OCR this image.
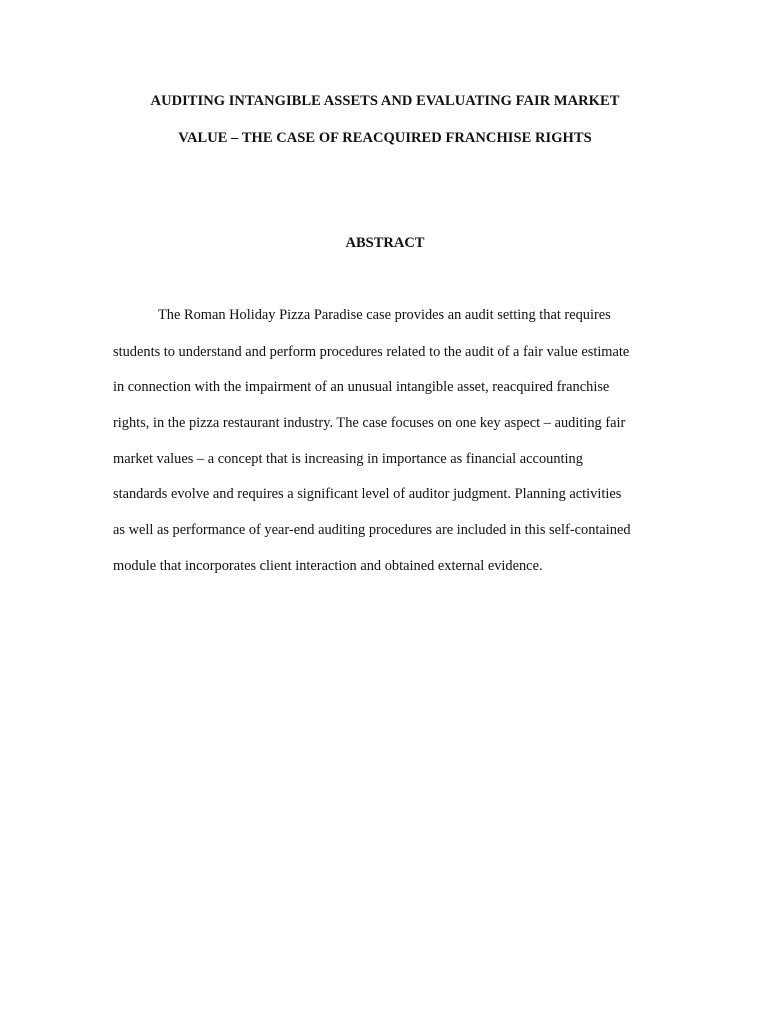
AUDITING INTANGIBLE ASSETS AND EVALUATING FAIR MARKET
VALUE – THE CASE OF REACQUIRED FRANCHISE RIGHTS
ABSTRACT

The Roman Holiday Pizza Paradise case provides an audit setting that requires

students to understand and perform procedures related to the audit of a fair value estimate

in connection with the impairment of an unusual intangible asset, reacquired franchise

rights, in the pizza restaurant industry. The case focuses on one key aspect – auditing fair

market values – a concept that is increasing in importance as financial accounting

standards evolve and requires a significant level of auditor judgment. Planning activities

as well as performance of year-end auditing procedures are included in this self-contained

module that incorporates client interaction and obtained external evidence.
